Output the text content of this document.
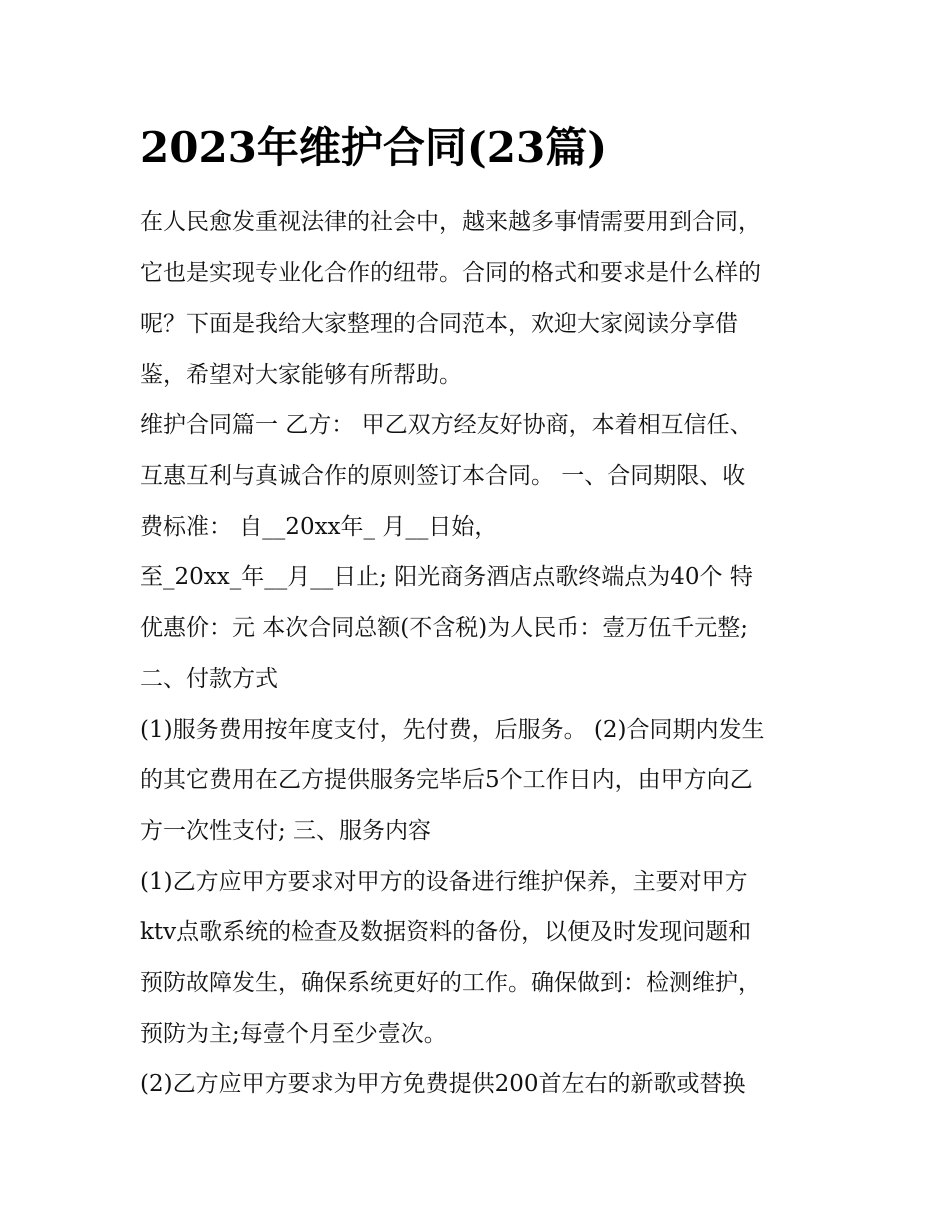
2023年维护合同(23篇)
在人民愈发重视法律的社会中，越来越多事情需要用到合同，
它也是实现专业化合作的纽带。合同的格式和要求是什么样的
呢？下面是我给大家整理的合同范本，欢迎大家阅读分享借
鉴，希望对大家能够有所帮助。
维护合同篇一 乙方： 甲乙双方经友好协商，本着相互信任、
互惠互利与真诚合作的原则签订本合同。 一、合同期限、收
费标准： 自__20xx年_ 月__日始，
至_20xx_年__月__日止; 阳光商务酒店点歌终端点为40个 特
优惠价：元 本次合同总额(不含税)为人民币：壹万伍千元整;
二、付款方式
(1)服务费用按年度支付，先付费，后服务。 (2)合同期内发生
的其它费用在乙方提供服务完毕后5个工作日内，由甲方向乙
方一次性支付; 三、服务内容
(1)乙方应甲方要求对甲方的设备进行维护保养，主要对甲方
ktv点歌系统的检查及数据资料的备份，以便及时发现问题和
预防故障发生，确保系统更好的工作。确保做到：检测维护，
预防为主;每壹个月至少壹次。
(2)乙方应甲方要求为甲方免费提供200首左右的新歌或替换
